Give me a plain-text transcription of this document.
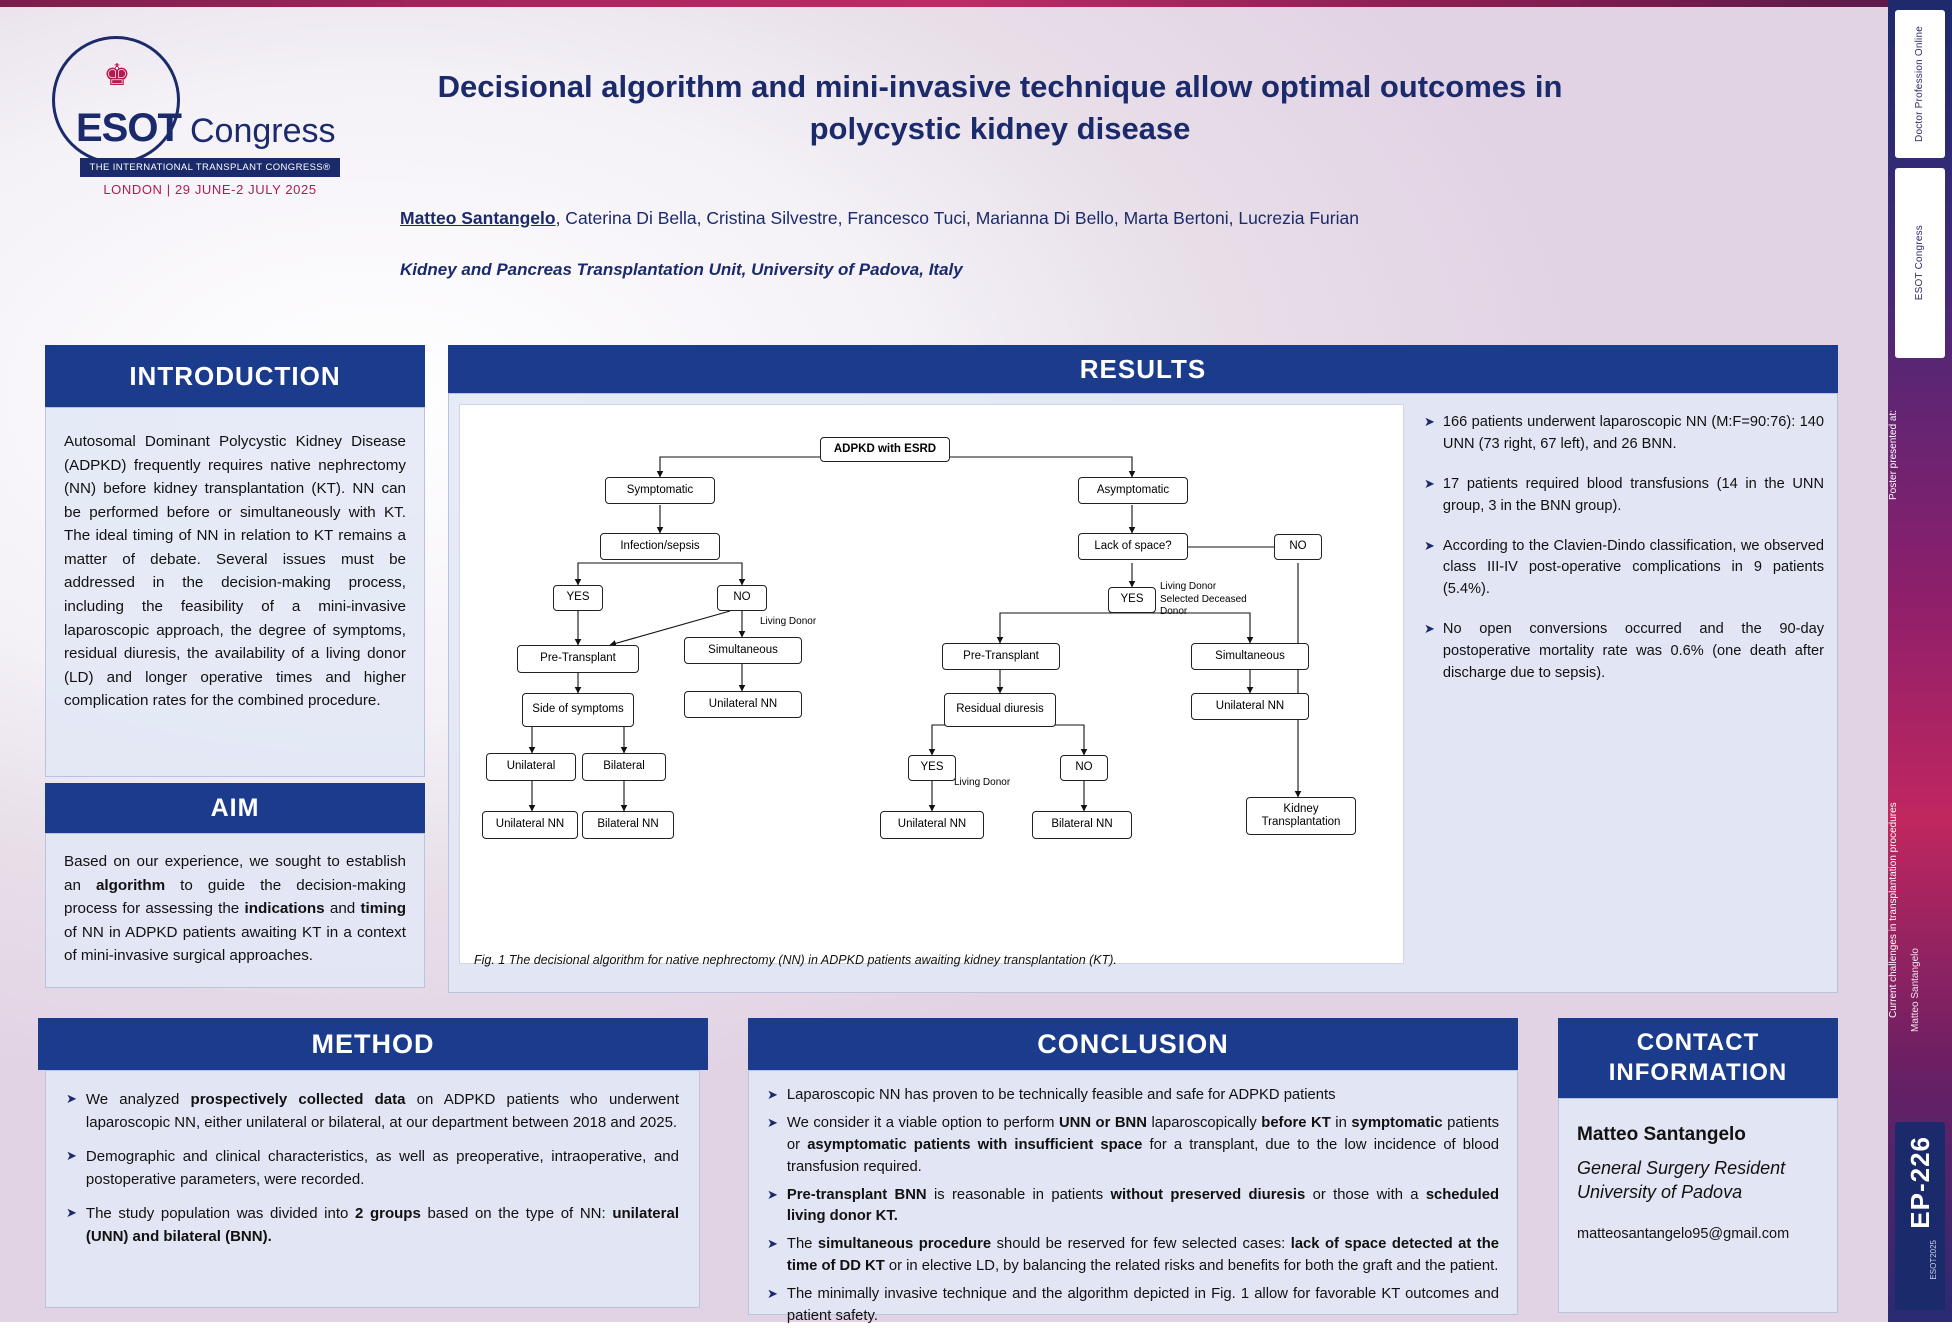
♚
ESOT Congress
THE INTERNATIONAL TRANSPLANT CONGRESS®
LONDON | 29 JUNE-2 JULY 2025
Decisional algorithm and mini-invasive technique allow optimal outcomes in polycystic kidney disease
Matteo Santangelo, Caterina Di Bella, Cristina Silvestre, Francesco Tuci, Marianna Di Bello, Marta Bertoni, Lucrezia Furian
Kidney and Pancreas Transplantation Unit, University of Padova, Italy
INTRODUCTION
Autosomal Dominant Polycystic Kidney Disease (ADPKD) frequently requires native nephrectomy (NN) before kidney transplantation (KT). NN can be performed before or simultaneously with KT. The ideal timing of NN in relation to KT remains a matter of debate. Several issues must be addressed in the decision-making process, including the feasibility of a mini-invasive laparoscopic approach, the degree of symptoms, residual diuresis, the availability of a living donor (LD) and longer operative times and higher complication rates for the combined procedure.
AIM
Based on our experience, we sought to establish an algorithm to guide the decision-making process for assessing the indications and timing of NN in ADPKD patients awaiting KT in a context of mini-invasive surgical approaches.
RESULTS
ADPKD with ESRD
Symptomatic	Asymptomatic
Infection/sepsis	Lack of space?
YES	NO	YES
NO
Pre-Transplant
Simultaneous	Pre-Transplant	Simultaneous
Side of symptoms	Unilateral NN	Residual diuresis	Unilateral NN
Unilateral	Bilateral	YES	NO
Unilateral NN	Bilateral NN	Unilateral NN	Bilateral NN
Kidney Transplantation
Living Donor
Living Donor Selected Deceased Donor
Living Donor
Fig. 1 The decisional algorithm for native nephrectomy (NN) in ADPKD patients awaiting kidney transplantation (KT).
➤ 166 patients underwent laparoscopic NN (M:F=90:76): 140 UNN (73 right, 67 left), and 26 BNN.
➤ 17 patients required blood transfusions (14 in the UNN group, 3 in the BNN group).
➤ According to the Clavien-Dindo classification, we observed class III-IV post-operative complications in 9 patients (5.4%).
➤ No open conversions occurred and the 90-day postoperative mortality rate was 0.6% (one death after discharge due to sepsis).
METHOD
➤ We analyzed prospectively collected data on ADPKD patients who underwent laparoscopic NN, either unilateral or bilateral, at our department between 2018 and 2025.
➤ Demographic and clinical characteristics, as well as preoperative, intraoperative, and postoperative parameters, were recorded.
➤ The study population was divided into 2 groups based on the type of NN: unilateral (UNN) and bilateral (BNN).
CONCLUSION
➤ Laparoscopic NN has proven to be technically feasible and safe for ADPKD patients
➤ We consider it a viable option to perform UNN or BNN laparoscopically before KT in symptomatic patients or asymptomatic patients with insufficient space for a transplant, due to the low incidence of blood transfusion required.
➤ Pre-transplant BNN is reasonable in patients without preserved diuresis or those with a scheduled living donor KT.
➤ The simultaneous procedure should be reserved for few selected cases: lack of space detected at the time of DD KT or in elective LD, by balancing the related risks and benefits for both the graft and the patient.
➤ The minimally invasive technique and the algorithm depicted in Fig. 1 allow for favorable KT outcomes and patient safety.
CONTACT
INFORMATION
Matteo Santangelo
General Surgery Resident
University of Padova
matteosantangelo95@gmail.com
Doctor Profession Online
ESOT Congress
Poster presented at:
Current challenges in transplantation procedures	Matteo Santangelo
EP-226
ESOT2025
